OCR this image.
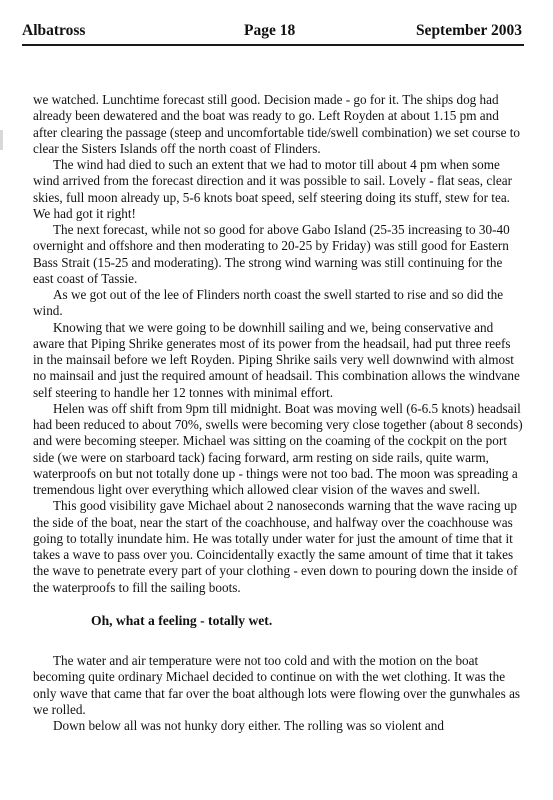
Albatross	Page 18	September 2003

we watched. Lunchtime forecast still good. Decision made - go for it. The ships dog had already been dewatered and the boat was ready to go. Left Royden at about 1.15 pm and after clearing the passage (steep and uncomfortable tide/swell combination) we set course to clear the Sisters Islands off the north coast of Flinders.

The wind had died to such an extent that we had to motor till about 4 pm when some wind arrived from the forecast direction and it was possible to sail. Lovely - flat seas, clear skies, full moon already up, 5-6 knots boat speed, self steering doing its stuff, stew for tea. We had got it right!

The next forecast, while not so good for above Gabo Island (25-35 increasing to 30-40 overnight and offshore and then moderating to 20-25 by Friday) was still good for Eastern Bass Strait (15-25 and moderating). The strong wind warning was still continuing for the east coast of Tassie.

As we got out of the lee of Flinders north coast the swell started to rise and so did the wind.

Knowing that we were going to be downhill sailing and we, being conservative and aware that Piping Shrike generates most of its power from the headsail, had put three reefs in the mainsail before we left Royden. Piping Shrike sails very well downwind with almost no mainsail and just the required amount of headsail. This combination allows the windvane self steering to handle her 12 tonnes with minimal effort.

Helen was off shift from 9pm till midnight. Boat was moving well (6-6.5 knots) headsail had been reduced to about 70%, swells were becoming very close together (about 8 seconds) and were becoming steeper. Michael was sitting on the coaming of the cockpit on the port side (we were on starboard tack) facing forward, arm resting on side rails, quite warm, waterproofs on but not totally done up - things were not too bad. The moon was spreading a tremendous light over everything which allowed clear vision of the waves and swell.

This good visibility gave Michael about 2 nanoseconds warning that the wave racing up the side of the boat, near the start of the coachhouse, and halfway over the coachhouse was going to totally inundate him. He was totally under water for just the amount of time that it takes a wave to pass over you. Coincidentally exactly the same amount of time that it takes the wave to penetrate every part of your clothing - even down to pouring down the inside of the waterproofs to fill the sailing boots.

Oh, what a feeling - totally wet.

The water and air temperature were not too cold and with the motion on the boat becoming quite ordinary Michael decided to continue on with the wet clothing. It was the only wave that came that far over the boat although lots were flowing over the gunwhales as we rolled.

Down below all was not hunky dory either. The rolling was so violent and
